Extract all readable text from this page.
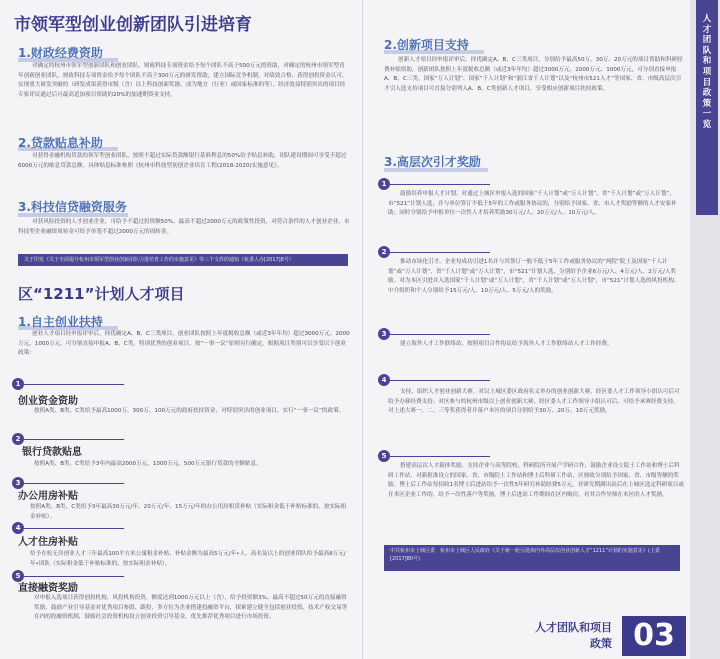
市领军型创业创新团队引进培育
1.财政经费资助
对确定的杭州市领军型创新团队和创业团队，财政科技专项资金给予每个团队不高于500万元的资助，对确定的杭州市领军型青年创新创业团队，财政科技专项资金给予每个团队不高于300万元的研发资助，建立国际竞争机制，对绩效合格、获得创投资金认可、实现重大研发突破的（研发成果获得市级（含）以上科技创新奖励、成为地方（行业）或国家标准的等），经济效益特别突出的项目经专家评议通过后可最高追加项目资助的20%的加速期资金支持。
2.贷款贴息补助
对获得金融机构贷款的领军型创业团队，按照不超过实际贷款额银行基准利息的50%给予贴息补助，团队建设期间可享受不超过6000万元的贴息贷款总额。具体贴息标准参照《杭州市科技型初创企业培育工程(2018-2020)实施意见》。
3.科技信贷融资服务
对获风险投资的人才创业企业，可给予不超过投资额50%、最高不超过2000万元的政策性投资，对符合条件的人才创业企业，市科技型企业融资周转金可给予单笔不超过2000万元的周转金。
关于印发《关于全面提升杭州市领军型创业创新团队引进培育工作的实施意见》等三个文件的通知（杭委人办[2017]8号）
区“1211”计划人才项目
1.自主创业扶持
创业人才项目经申报评审后，择优确定A、B、C三类项目，创业团队按照上年度税收总额（或近3年年均）超过3000万元、2000万元、1000万元，可分别直接申报A、B、C类。特别优秀的创业项目，按“一事一议”原则另行确定。根据项目类别可以享受以下创业政策：
1
创业资金资助
按照A类、B类、C类给予最高1000万、300万、100万元的政府扶持资金，对特别突出的创业项目，实行“一事一议”的政策。
2
银行贷款贴息
按照A类、B类、C类给予3年内最高2000万元、1000万元、500万元银行贷款的全额贴息。
3
办公用房补贴
按照A类、B类、C类给予3年最高30万元/年、20万元/年、15万元/年的办公用房租赁补贴（实际租金低于补贴标准的，按实际租金补贴）。
4
人才住房补贴
给予在杭无房创业人才三年最高100平方米公寓租金补贴，补贴金额为最高5万元/年•人，高名及以上的创业团队给予最高8万元/年•团队（实际租金低于补贴标准的，按实际租金补贴）。
5
直接融资奖励
对申报入选项目获得创投机构、风投机构投资，额度达到1000万元以上（含），给予投资额3%、最高不超过50万元的直接融资奖励。鼓励产业引导基金对优秀项目参股、跟投，多方位为企业搭建投融资平台，探索建立健全包括创业投资、技术产权交易等在内的投融资机制，鼓励社会投资机构设立创业投资引导基金，优先推荐优秀项目进行市场投资。
2.创新项目支持
创新人才项目经申报评审后，择优确定A、B、C三类项目，分别给予最高50万、30万、20万元的项目资助和科研经费补贴资助。创新团队按照上年度税收总额（或近3年年均）超过3000万元、2000万元、1000万元，可分别直接申报A、B、C三类。国家“万人计划”、国家“千人计划”和“浙江省千人计划”以及“杭州市521人才”等国家、省、市级高层次引才引人选支持项目可直接分别列入A、B、C类创新人才项目，享受相应创新项目扶持政策。
3.高层次引才奖励
1
鼓励培养申报人才计划。对通过上城区申报入选的国家“千人计划”或“万人计划”、省“千人计划”或“万人计划”、市“521”计划人选，并与单位签订不低于5年的工作或服务协议的，分别给予国家、省、市人才奖励等额的人才安家补助；同时分别给予申报单位一次性人才培养奖励30万元/人、20万元/人、10万元/人。
2
推动市场化引才。企业每成功引进1名并与其签订一般不低于5年工作或服务协议的“两院”院士及国家“千人计划”或“万人计划”，省“千人计划”或“万人计划”，市“521”计划人选，分别给予企业6万元/人、4万元/人、2万元/人奖励。对为本区引进并入选国家“千人计划”或“万人计划”，省“千人计划”或“万人计划”，市“521”计划人选的风投机构、中介组织和个人分别给予15万元/人、10万元/人、5万元/人的奖励。
3
建立海外人才工作联络站。按照项目合作协议给予海外人才工作联络站人才工作经费。
4
支持、组织人才创业创新大赛。对以上城区委区政府名义举办的创业创新大赛，经区委人才工作领导小组认可后可给予办赛经费支持；对区参与的杭州市级以上创业创新大赛，经区委人才工作领导小组认可后，可给予承赛经费支持。对上述大赛一、二、三等奖获得者并落户本区的项目分别给予30万、20万、10万元奖励。
5
搭建高层次人才载体奖励。支持企业与高等院校、科研院所开展产学研合作，鼓励企业设立院士工作站和博士后科研工作站，对新批准设立的国家、省、市级院士工作站和博士后科研工作站，区财政分别给予国家、省、市级等额的奖励。博士后工作站每招收1名博士后进站给予一次性5年研究补助经费5万元，对研究期满出站后在上城区选定科研项目或在本区企业工作的，给予一次性落户等奖励。博士后进站工作期间在区内购房，对其合作导师在本区的人才奖励。
中共杭州市上城区委　杭州市上城区人民政府《关于新一轮引进海内外高层次创业创新人才“1211”计划的实施意见》(上委[2017]80号)
人才团队和项目
政策 03
人才团队和项目政策一览
